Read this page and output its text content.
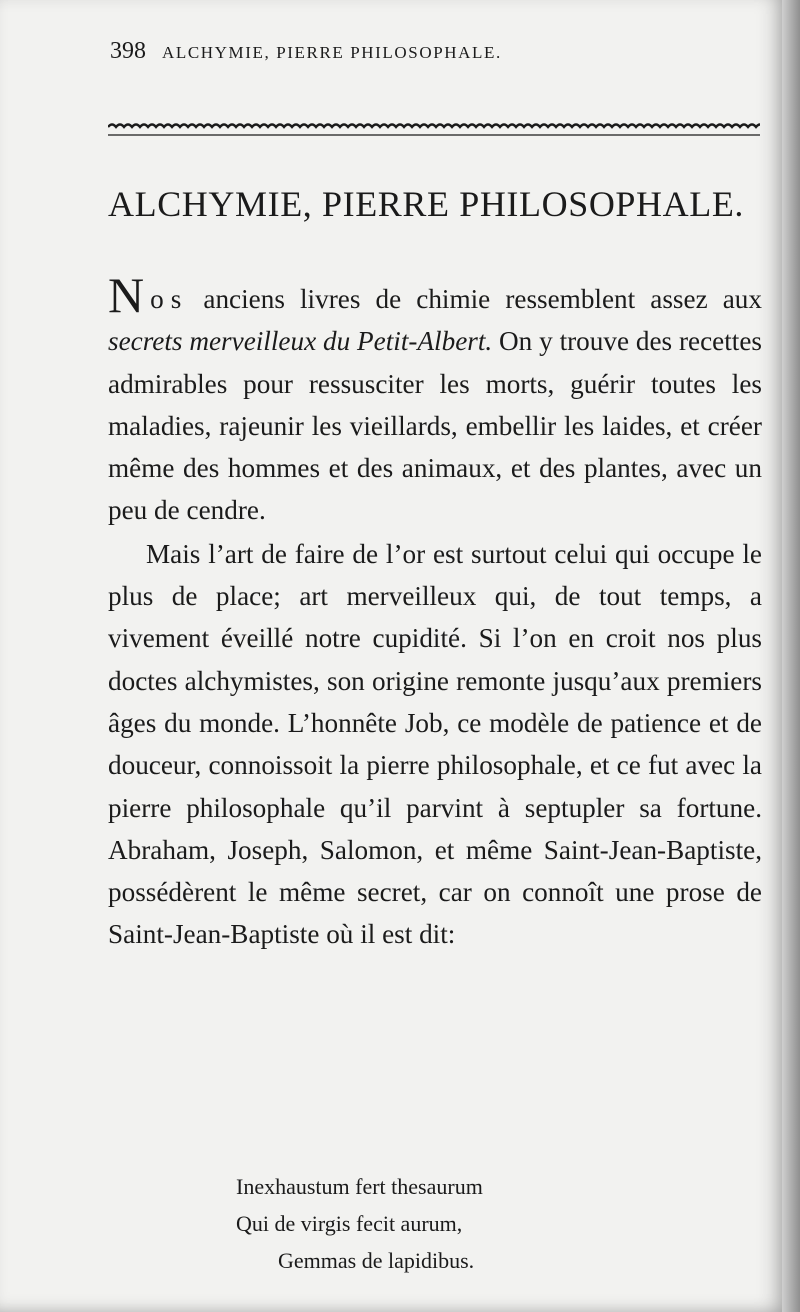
398 ALCHYMIE, PIERRE PHILOSOPHALE.
ALCHYMIE, PIERRE PHILOSOPHALE.

Nos anciens livres de chimie ressemblent assez aux secrets merveilleux du Petit-Albert. On y trouve des recettes admirables pour ressusciter les morts, guérir toutes les maladies, rajeunir les vieillards, embellir les laides, et créer même des hommes et des animaux, et des plantes, avec un peu de cendre.

Mais l’art de faire de l’or est surtout celui qui occupe le plus de place; art merveilleux qui, de tout temps, a vivement éveillé notre cupidité. Si l’on en croit nos plus doctes alchymistes, son origine remonte jusqu’aux premiers âges du monde. L’honnête Job, ce modèle de patience et de douceur, connoissoit la pierre philosophale, et ce fut avec la pierre philosophale qu’il parvint à septupler sa fortune. Abraham, Joseph, Salomon, et même Saint-Jean-Baptiste, possédèrent le même secret, car on connoît une prose de Saint-Jean-Baptiste où il est dit:

Inexhaustum fert thesaurum
Qui de virgis fecit aurum,
Gemmas de lapidibus.
